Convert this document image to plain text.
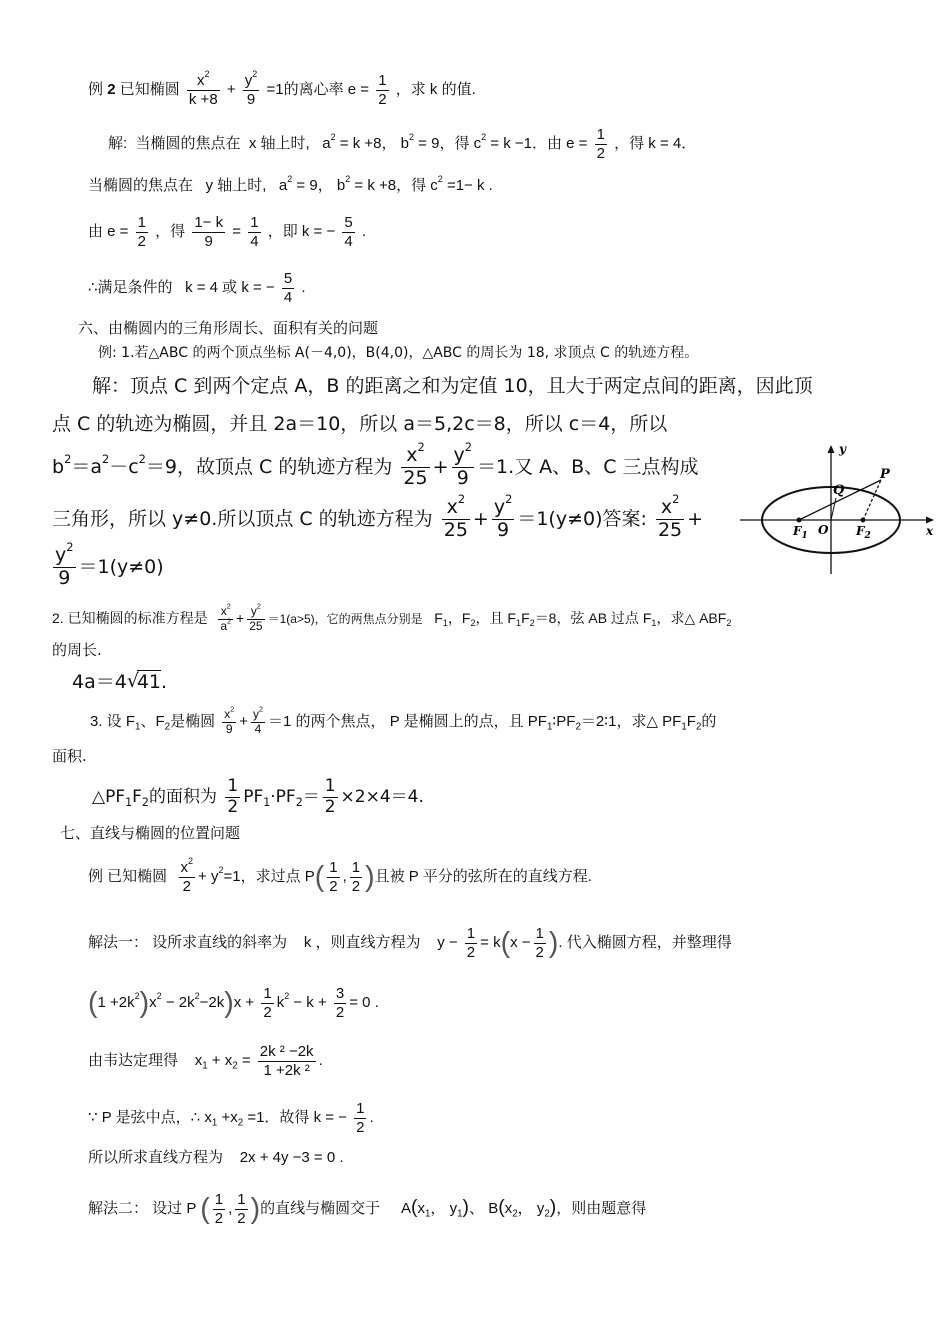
例 2 已知椭圆 $\frac{x^2}{k +8} + \frac{y^2}{9} =1$的离心率 $e = \frac{1}{2}$ ，求 k 的值.
解: 当椭圆的焦点在 x 轴上时, $a^2 = k +8$， $b^2 = 9$，得 $c^2 = k -1$．由 $e = \frac{1}{2}$ ，得 k = 4．
当椭圆的焦点在 y 轴上时, $a^2 = 9$， $b^2 = k +8$，得 $c^2 =1- k$ .
由 $e = \frac{1}{2}$ ，得 $\frac{1- k}{9} = \frac{1}{4}$ ，即 k = − $\frac{5}{4}$ .
∴满足条件的 k = 4 或 k = − $\frac{5}{4}$ .
六、由椭圆内的三角形周长、面积有关的问题
例: 1.若△ABC 的两个顶点坐标 A(－4,0)，B(4,0)，△ABC 的周长为 18, 求顶点 C 的轨迹方程。
解：顶点 C 到两个定点 A，B 的距离之和为定值 10，且大于两定点间的距离，因此顶
点 C 的轨迹为椭圆，并且 2a＝10，所以 a＝5,2c＝8，所以 c＝4，所以
$b^2=a^2-c^2=9$，故顶点 C 的轨迹方程为 $\frac{x^2}{25} + \frac{y^2}{9} =1$.又 A、B、C 三点构成
三角形，所以 y≠0.所以顶点 C 的轨迹方程为 $\frac{x^2}{25} + \frac{y^2}{9} =1(y\ne 0)$答案: $\frac{x^2}{25}$ +
$\frac{y^2}{9} =1(y\ne 0)$
y
x
P
Q
O
$F_1$	$F_2$
2. 已知椭圆的标准方程是 $\frac{x^2}{a^2} + \frac{y^2}{25} =1(a>5)$，它的两焦点分别是 $F_1$，$F_2$，且 $F_1F_2=8$，弦 AB 过点 $F_1$，求△ $ABF_2$
的周长.
4a＝4 √
41.
3. 设 $F_1$、$F_2$是椭圆 $\frac{x^2}{9} + \frac{y^2}{4} =1$ 的两个焦点， P 是椭圆上的点，且 $PF_1∶PF_2=2∶1$，求△ $PF_1F_2$的
面积.
$\triangle PF_1F_2$的面积为 $\frac{1}{2} PF_1\cdot PF_2= \frac{1}{2} \times 2\times 4=4$.
七、直线与椭圆的位置问题
例 已知椭圆 $\frac{x^2}{2} + y^2=1$，求过点 $P( \frac{1}{2}$ , $\frac{1}{2}$ )且被 P 平分的弦所在的直线方程.
解法一： 设所求直线的斜率为 k ，则直线方程为 $y - \frac{1}{2} = k(x - \frac{1}{2}$ ). 代入椭圆方程，并整理得
$(1 +2k^2)x^2 - 2k^2-2k)x + \frac{1}{2} k^2 - k + \frac{3}{2} = 0$ .
由韦达定理得 $x_1 + x_2 = \frac{\text{2k ² −2k}}{\text{1 +2k ²}}$ .
∵ P 是弦中点，∴ $x_1 +x_2 =1$．故得 k = − $\frac{1}{2}$ .
所以所求直线方程为 2x + 4y −3 = 0 .
解法二： 设过 P ( $\frac{1}{2}$ , $\frac{1}{2}$ )的直线与椭圆交于 $A(x_1$， $y_1$)、 $B(x_2$， $y_2$)，则由题意得
